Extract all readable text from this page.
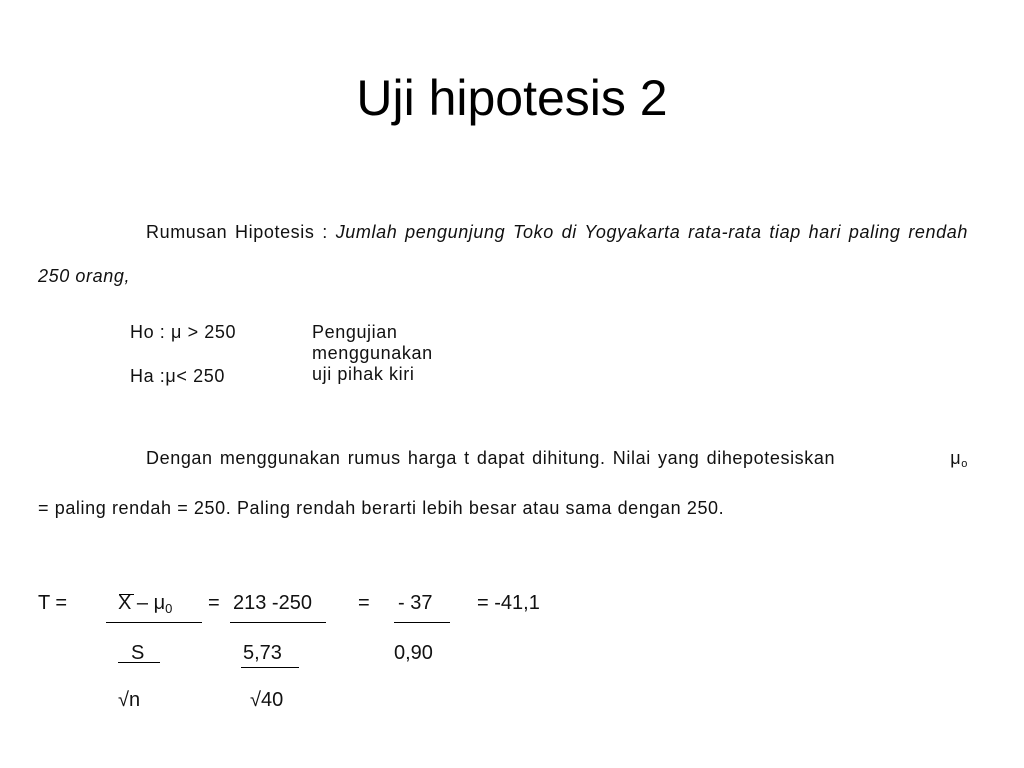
Uji hipotesis 2
Rumusan Hipotesis : Jumlah pengunjung Toko di Yogyakarta rata-rata tiap hari paling rendah 250 orang,
Ho : μ > 250	Pengujian menggunakan uji pihak kiri
Ha :μ< 250
Dengan menggunakan rumus harga t dapat dihitung. Nilai yang dihepotesiskan	$\mu_o$ = paling rendah = 250. Paling rendah berarti lebih besar atau sama dengan 250.
T =	$X - \mu_0 = 213$ -250 = - 37 = -41,1
S	5,73	0,90
√n	√40
